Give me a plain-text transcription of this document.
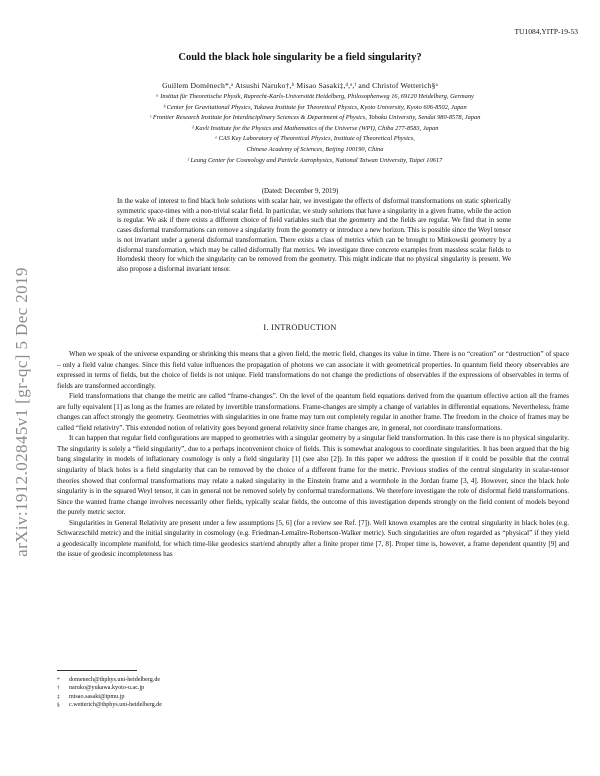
TU1084,YITP-19-53
Could the black hole singularity be a field singularity?
Guillem Domènech*,ᵃ Atsushi Naruko†,ᵇ Misao Sasaki‡,ᵈ,ᵉ,ᶠ and Christof Wetterich§ᵃ
ᵃ Institut für Theoretische Physik, Ruprecht-Karls-Universität Heidelberg, Philosophenweg 16, 69120 Heidelberg, Germany
ᵇ Center for Gravitational Physics, Yukawa Institute for Theoretical Physics, Kyoto University, Kyoto 606-8502, Japan
ᶜ Frontier Research Institute for Interdisciplinary Sciences & Department of Physics, Tohoku University, Sendai 980-8578, Japan
ᵈ Kavli Institute for the Physics and Mathematics of the Universe (WPI), Chiba 277-8583, Japan
ᵉ CAS Key Laboratory of Theoretical Physics, Institute of Theoretical Physics,
Chinese Academy of Sciences, Beijing 100190, China
ᶠ Leung Center for Cosmology and Particle Astrophysics, National Taiwan University, Taipei 10617
(Dated: December 9, 2019)
In the wake of interest to find black hole solutions with scalar hair, we investigate the effects of disformal transformations on static spherically symmetric space-times with a non-trivial scalar field. In particular, we study solutions that have a singularity in a given frame, while the action is regular. We ask if there exists a different choice of field variables such that the geometry and the fields are regular. We find that in some cases disformal transformations can remove a singularity from the geometry or introduce a new horizon. This is possible since the Weyl tensor is not invariant under a general disformal transformation. There exists a class of metrics which can be brought to Minkowski geometry by a disformal transformation, which may be called disformally flat metrics. We investigate three concrete examples from massless scalar fields to Horndeski theory for which the singularity can be removed from the geometry. This might indicate that no physical singularity is present. We also propose a disformal invariant tensor.
arXiv:1912.02845v1 [gr-qc] 5 Dec 2019	I. INTRODUCTION

When we speak of the universe expanding or shrinking this means that a given field, the metric field, changes its value in time. There is no “creation” or “destruction” of space – only a field value changes. Since this field value influences the propagation of photons we can associate it with geometrical properties. In quantum field theory observables are expressed in terms of fields, but the choice of fields is not unique. Field transformations do not change the predictions of observables if the expressions of observables in terms of fields are transformed accordingly.

Field transformations that change the metric are called “frame-changes”. On the level of the quantum field equations derived from the quantum effective action all the frames are fully equivalent [1] as long as the frames are related by invertible transformations. Frame-changes are simply a change of variables in differential equations. Nevertheless, frame changes can affect strongly the geometry. Geometries with singularities in one frame may turn out completely regular in another frame. The freedom in the choice of frames may be called “field relativity”. This extended notion of relativity goes beyond general relativity since frame changes are, in general, not coordinate transformations.

It can happen that regular field configurations are mapped to geometries with a singular geometry by a singular field transformation. In this case there is no physical singularity. The singularity is solely a “field singularity”, due to a perhaps inconvenient choice of fields. This is somewhat analogous to coordinate singularities. It has been argued that the big bang singularity in models of inflationary cosmology is only a field singularity [1] (see also [2]). In this paper we address the question if it could be possible that the central singularity of black holes is a field singularity that can be removed by the choice of a different frame for the metric. Previous studies of the central singularity in scalar-tensor theories showed that conformal transformations may relate a naked singularity in the Einstein frame and a wormhole in the Jordan frame [3, 4]. However, since the black hole singularity is in the squared Weyl tensor, it can in general not be removed solely by conformal transformations. We therefore investigate the role of disformal field transformations. Since the wanted frame change involves necessarily other fields, typically scalar fields, the outcome of this investigation depends strongly on the field content of models beyond the purely metric sector.

Singularities in General Relativity are present under a few assumptions [5, 6] (for a review see Ref. [7]). Well known examples are the central singularity in black holes (e.g. Schwarzschild metric) and the initial singularity in cosmology (e.g. Friedman-Lemaître-Robertson-Walker metric). Such singularities are often regarded as “physical” if they yield a geodesically incomplete manifold, for which time-like geodesics start/end abruptly after a finite proper time [7, 8]. Proper time is, however, a frame dependent quantity [9] and the issue of geodesic incompleteness has

* domenech@thphys.uni-heidelberg.de
† naruko@yukawa.kyoto-u.ac.jp
‡ misao.sasaki@ipmu.jp
§ c.wetterich@thphys.uni-heidelberg.de
